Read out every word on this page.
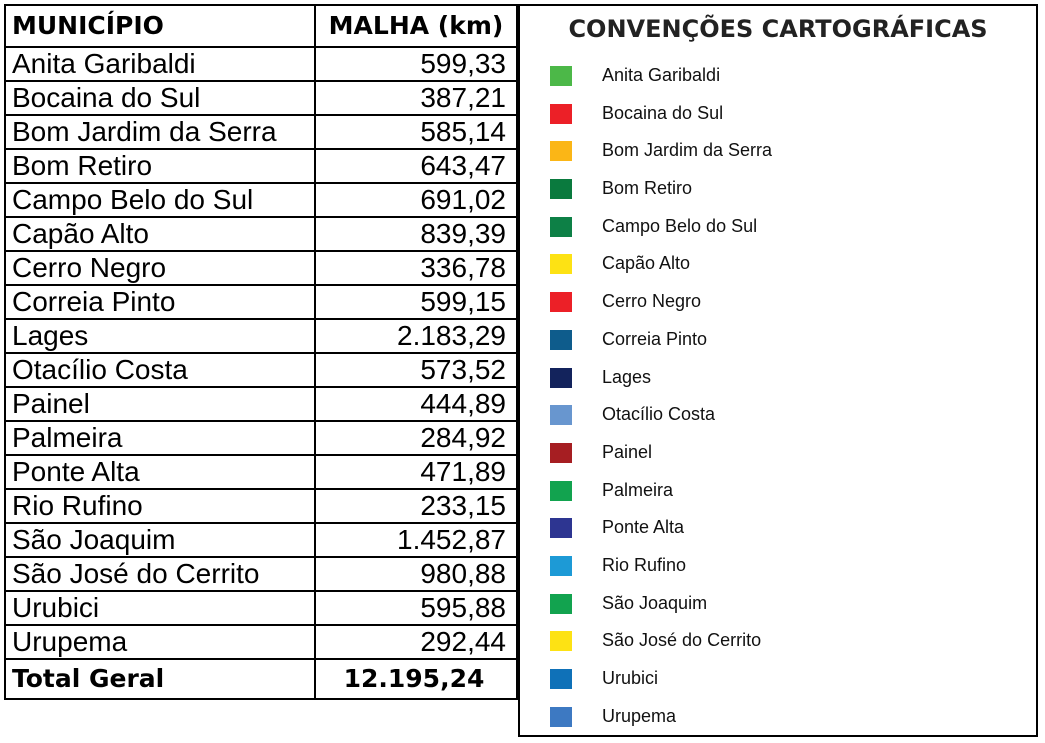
MUNICÍPIO	MALHA (km)
Anita Garibaldi	599,33
Bocaina do Sul	387,21
Bom Jardim da Serra	585,14
Bom Retiro	643,47
Campo Belo do Sul	691,02
Capão Alto	839,39
Cerro Negro	336,78
Correia Pinto	599,15
Lages	2.183,29
Otacílio Costa	573,52
Painel	444,89
Palmeira	284,92
Ponte Alta	471,89
Rio Rufino	233,15
São Joaquim	1.452,87
São José do Cerrito	980,88
Urubici	595,88
Urupema	292,44
Total Geral	12.195,24
CONVENÇÕES CARTOGRÁFICAS
Anita Garibaldi
Bocaina do Sul
Bom Jardim da Serra
Bom Retiro
Campo Belo do Sul
Capão Alto
Cerro Negro
Correia Pinto
Lages
Otacílio Costa
Painel
Palmeira
Ponte Alta
Rio Rufino
São Joaquim
São José do Cerrito
Urubici
Urupema
